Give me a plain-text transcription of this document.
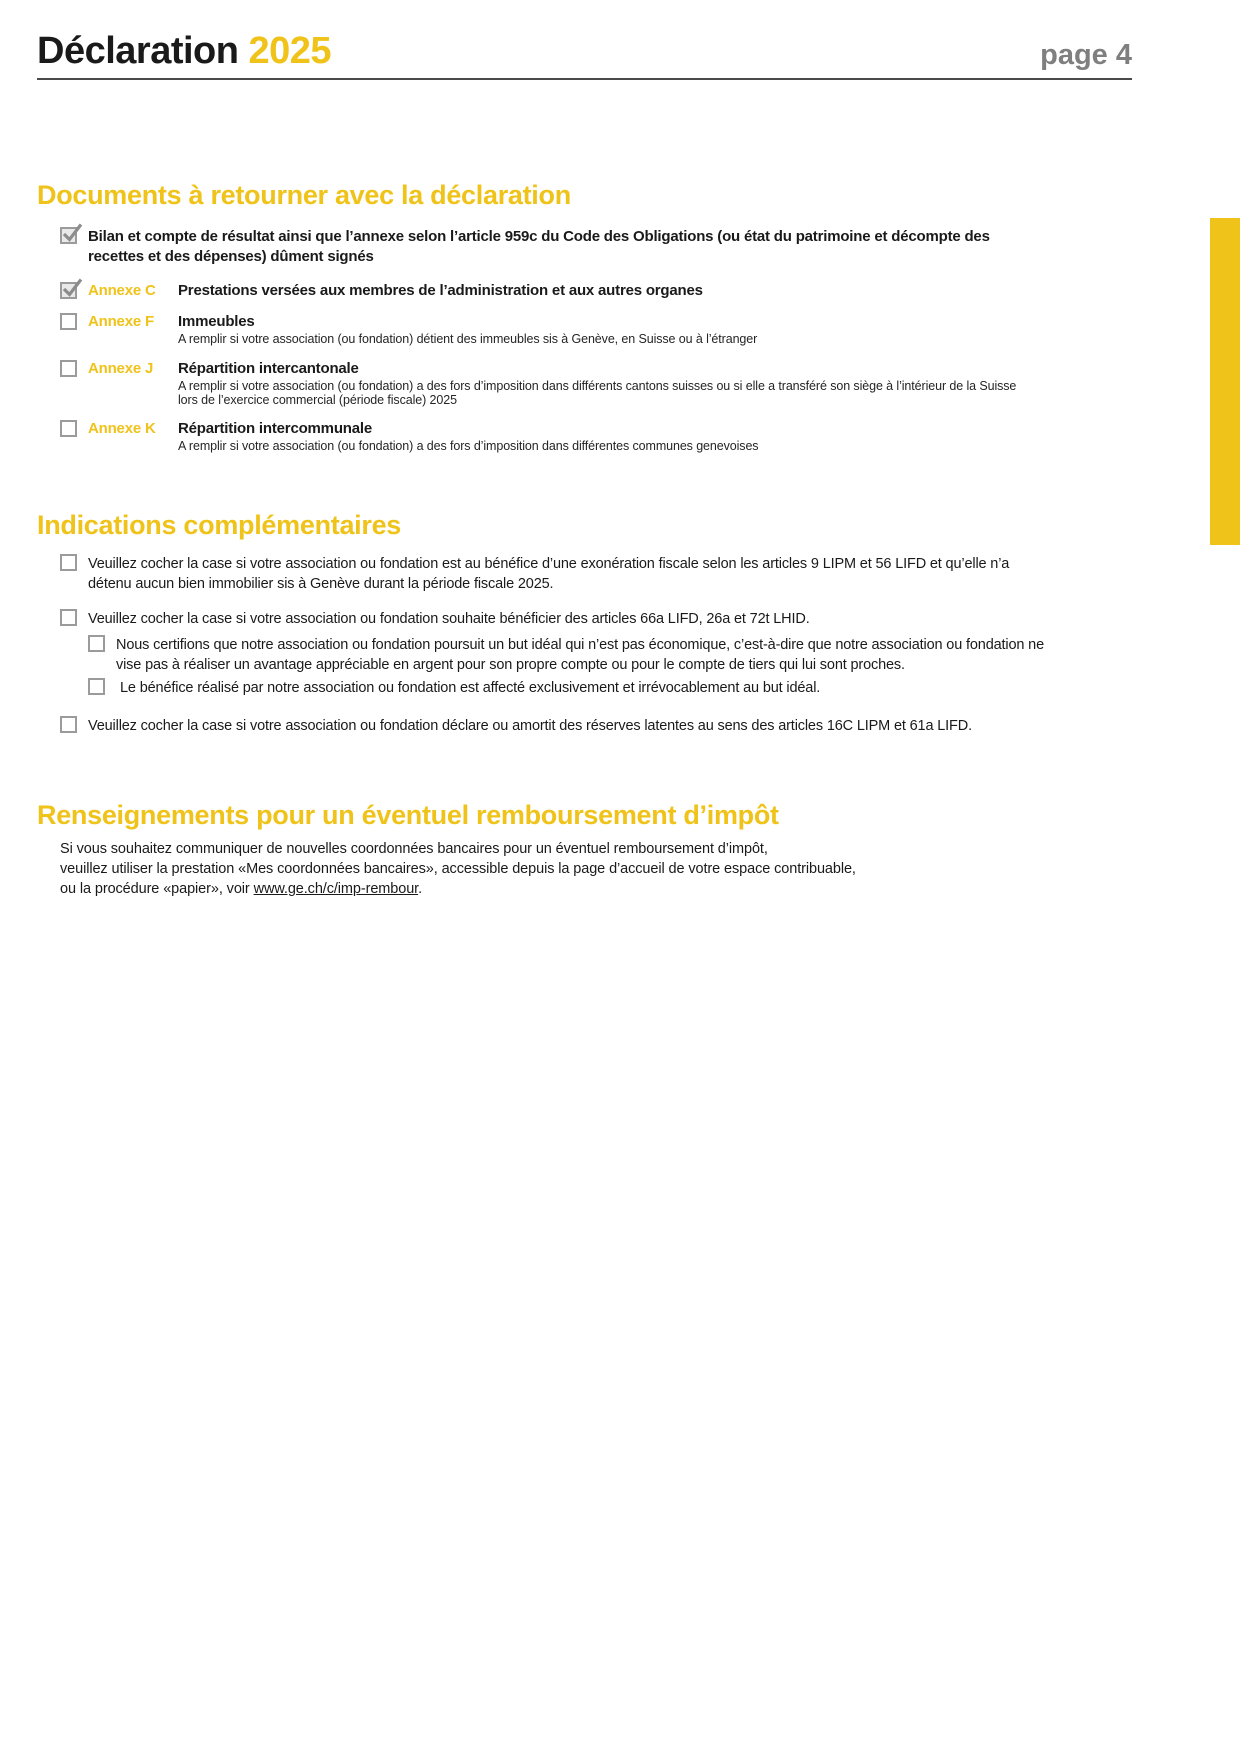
Déclaration 2025	page 4
Documents à retourner avec la déclaration
Bilan et compte de résultat ainsi que l’annexe selon l’article 959c du Code des Obligations (ou état du patrimoine et décompte des recettes et des dépenses) dûment signés
Annexe C	Prestations versées aux membres de l’administration et aux autres organes
Annexe F	Immeubles
A remplir si votre association (ou fondation) détient des immeubles sis à Genève, en Suisse ou à l’étranger
Annexe J	Répartition intercantonale
A remplir si votre association (ou fondation) a des fors d’imposition dans différents cantons suisses ou si elle a transféré son siège à l’intérieur de la Suisse lors de l’exercice commercial (période fiscale) 2025
Annexe K	Répartition intercommunale
A remplir si votre association (ou fondation) a des fors d’imposition dans différentes communes genevoises
Indications complémentaires
Veuillez cocher la case si votre association ou fondation est au bénéfice d’une exonération fiscale selon les articles 9 LIPM et 56 LIFD et qu’elle n’a détenu aucun bien immobilier sis à Genève durant la période fiscale 2025.
Veuillez cocher la case si votre association ou fondation souhaite bénéficier des articles 66a LIFD, 26a et 72t LHID.
Nous certifions que notre association ou fondation poursuit un but idéal qui n’est pas économique, c’est-à-dire que notre association ou fondation ne vise pas à réaliser un avantage appréciable en argent pour son propre compte ou pour le compte de tiers qui lui sont proches.
Le bénéfice réalisé par notre association ou fondation est affecté exclusivement et irrévocablement au but idéal.
Veuillez cocher la case si votre association ou fondation déclare ou amortit des réserves latentes au sens des articles 16C LIPM et 61a LIFD.
Renseignements pour un éventuel remboursement d’impôt
Si vous souhaitez communiquer de nouvelles coordonnées bancaires pour un éventuel remboursement d’impôt,
veuillez utiliser la prestation «Mes coordonnées bancaires», accessible depuis la page d’accueil de votre espace contribuable,
ou la procédure «papier», voir www.ge.ch/c/imp-rembour.
